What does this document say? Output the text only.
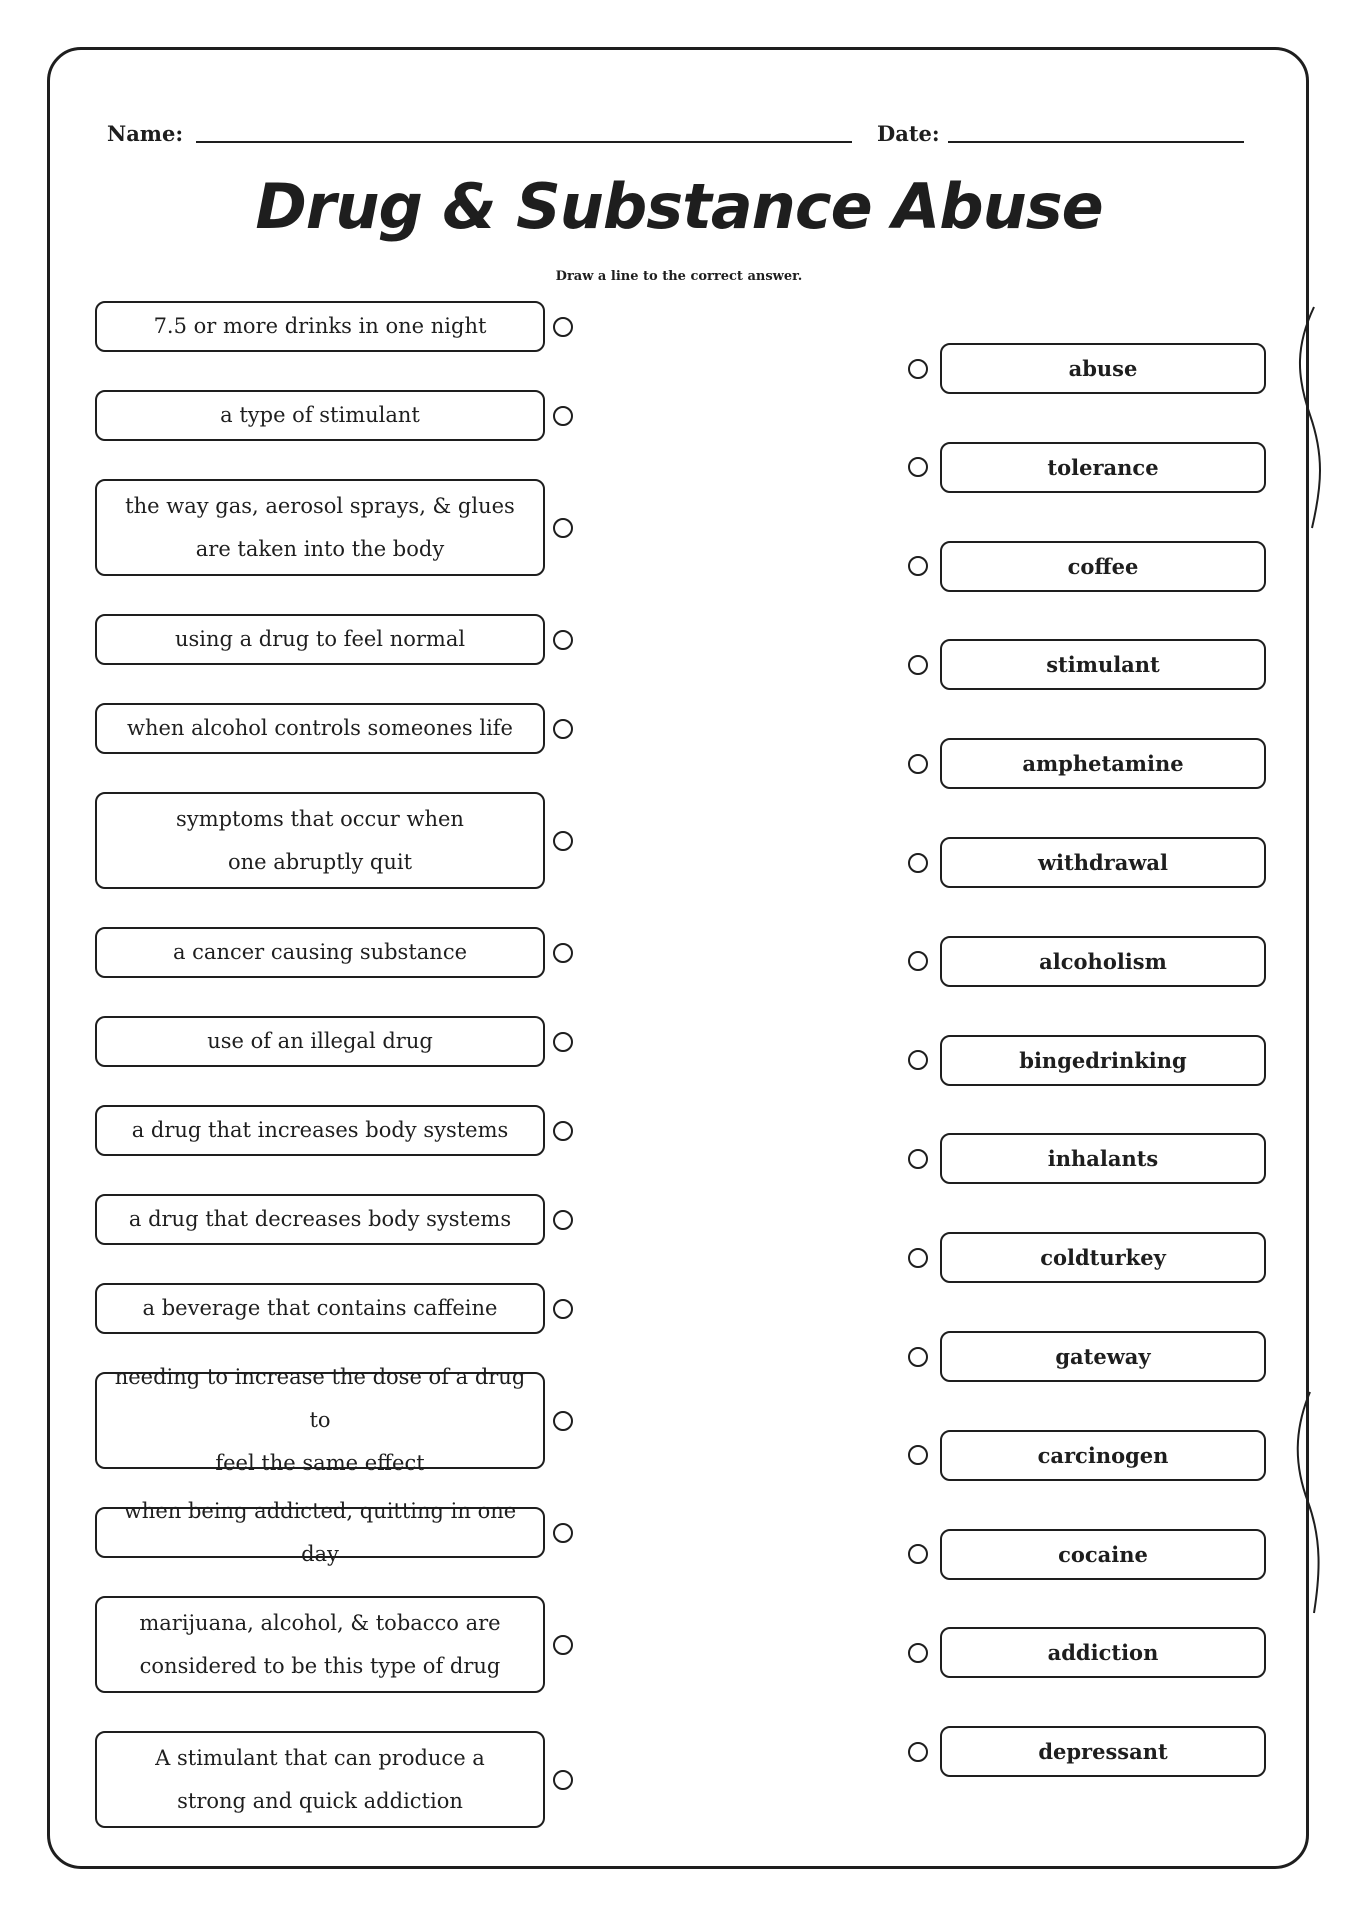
Name:	Date:
Drug & Substance Abuse
Draw a line to the correct answer.
7.5 or more drinks in one night
a type of stimulant
the way gas, aerosol sprays, & glues
are taken into the body
using a drug to feel normal
when alcohol controls someones life
symptoms that occur when
one abruptly quit
a cancer causing substance
use of an illegal drug
a drug that increases body systems
a drug that decreases body systems
a beverage that contains caffeine
needing to increase the dose of a drug to
feel the same effect
when being addicted, quitting in one day
marijuana, alcohol, & tobacco are
considered to be this type of drug
A stimulant that can produce a
strong and quick addiction
abuse
tolerance
coffee
stimulant
amphetamine
withdrawal
alcoholism
bingedrinking
inhalants
coldturkey
gateway
carcinogen
cocaine
addiction
depressant
